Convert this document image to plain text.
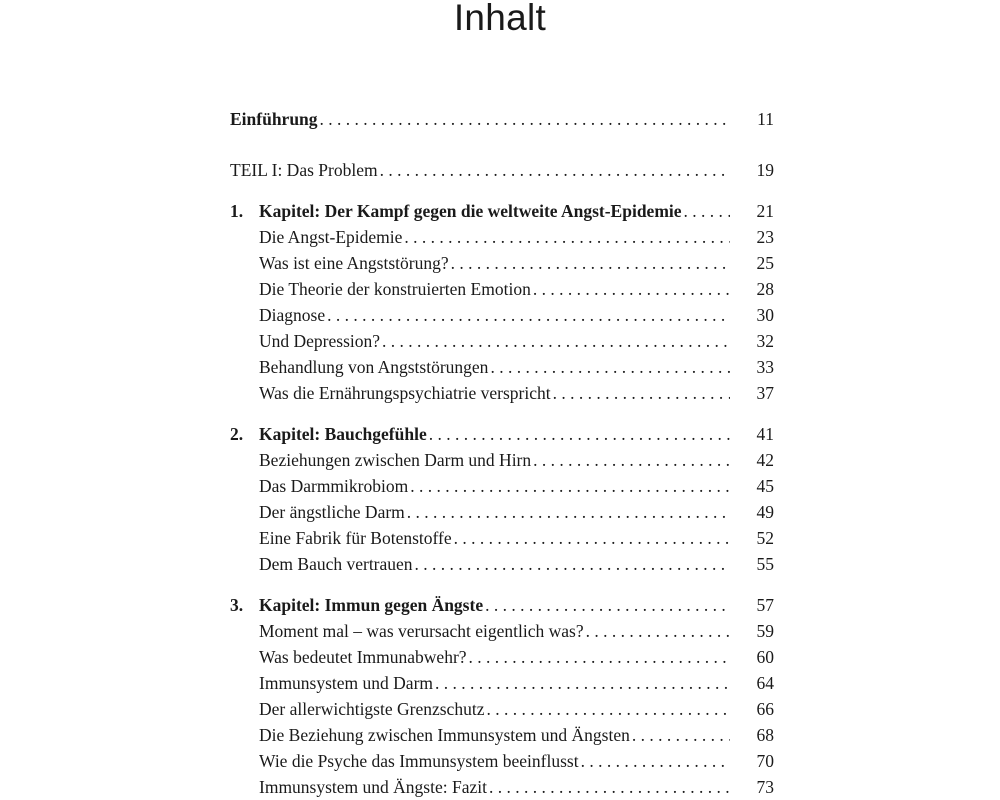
Inhalt
Einführung . . .	11
TEIL I: Das Problem . . .	19
1. Kapitel: Der Kampf gegen die weltweite Angst-Epidemie . . .	21
Die Angst-Epidemie . . .	23
Was ist eine Angststörung? . . .	25
Die Theorie der konstruierten Emotion . . .	28
Diagnose . . .	30
Und Depression? . . .	32
Behandlung von Angststörungen . . .	33
Was die Ernährungspsychiatrie verspricht . . .	37
2. Kapitel: Bauchgefühle . . .	41
Beziehungen zwischen Darm und Hirn . . .	42
Das Darmmikrobiom . . .	45
Der ängstliche Darm . . .	49
Eine Fabrik für Botenstoffe . . .	52
Dem Bauch vertrauen . . .	55
3. Kapitel: Immun gegen Ängste . . .	57
Moment mal – was verursacht eigentlich was? . . .	59
Was bedeutet Immunabwehr? . . .	60
Immunsystem und Darm . . .	64
Der allerwichtigste Grenzschutz . . .	66
Die Beziehung zwischen Immunsystem und Ängsten . . .	68
Wie die Psyche das Immunsystem beeinflusst . . .	70
Immunsystem und Ängste: Fazit . . .	73
